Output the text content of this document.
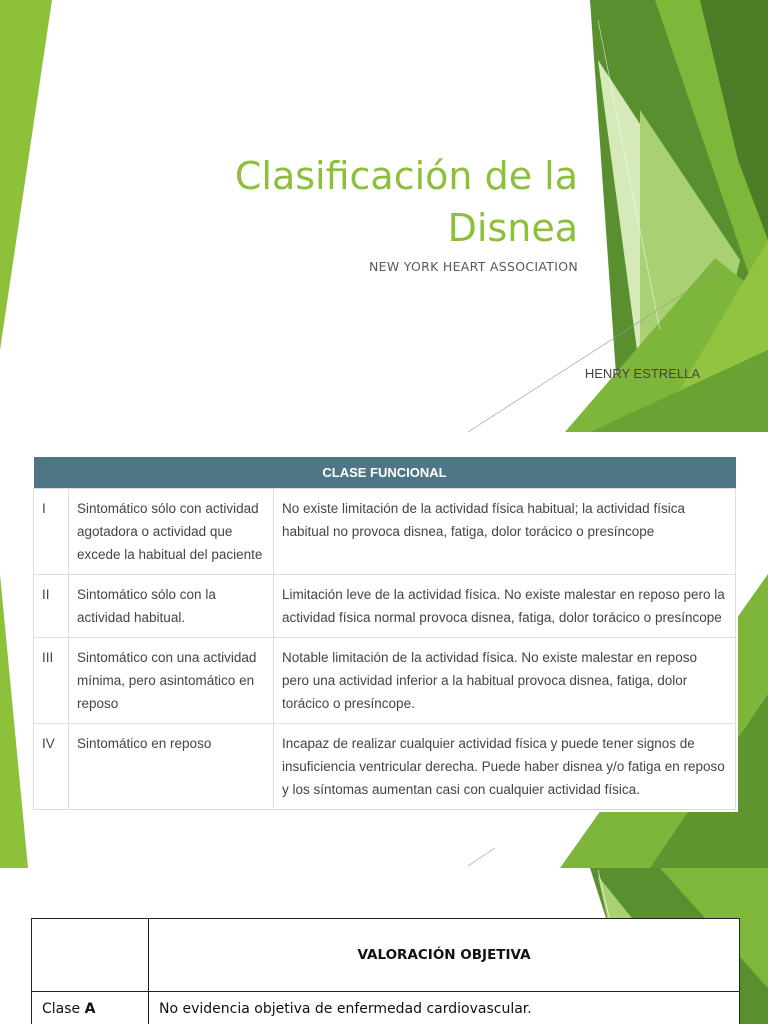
Clasificación de la
Disnea
NEW YORK HEART ASSOCIATION
HENRY ESTRELLA
CLASE FUNCIONAL		
I	Sintomático sólo con actividad agotadora o actividad que excede la habitual del paciente	No existe limitación de la actividad física habitual; la actividad física habitual no provoca disnea, fatiga, dolor torácico o presíncope
II	Sintomático sólo con la actividad habitual.	Limitación leve de la actividad física. No existe malestar en reposo pero la actividad física normal provoca disnea, fatiga, dolor torácico o presíncope
III	Sintomático con una actividad mínima, pero asintomático en reposo	Notable limitación de la actividad física. No existe malestar en reposo pero una actividad inferior a la habitual provoca disnea, fatiga, dolor torácico o presíncope.
IV	Sintomático en reposo	Incapaz de realizar cualquier actividad física y puede tener signos de insuficiencia ventricular derecha. Puede haber disnea y/o fatiga en reposo y los síntomas aumentan casi con cualquier actividad física.
	VALORACIÓN OBJETIVA
Clase A	No evidencia objetiva de enfermedad cardiovascular.
